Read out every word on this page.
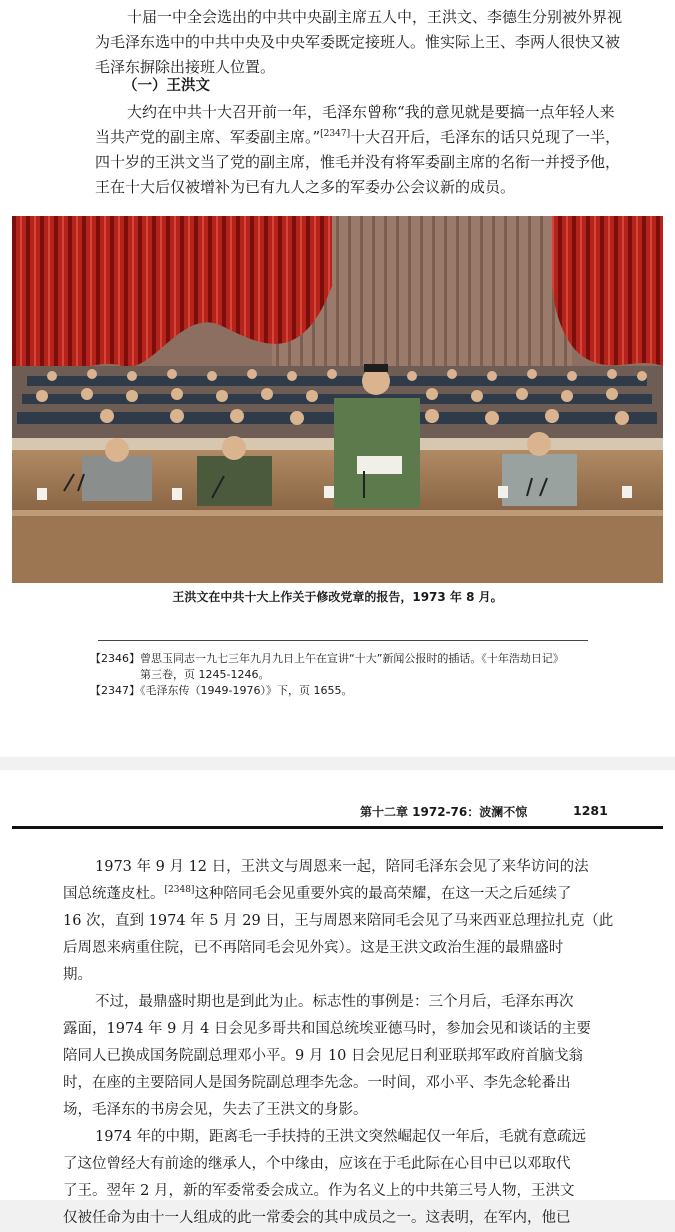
十届一中全会选出的中共中央副主席五人中，王洪文、李德生分别被外界视
为毛泽东选中的中共中央及中央军委既定接班人。惟实际上王、李两人很快又被
毛泽东摒除出接班人位置。
（一）王洪文
大约在中共十大召开前一年，毛泽东曾称“我的意见就是要搞一点年轻人来
当共产党的副主席、军委副主席。”[2347]十大召开后，毛泽东的话只兑现了一半，
四十岁的王洪文当了党的副主席，惟毛并没有将军委副主席的名衔一并授予他，
王在十大后仅被增补为已有九人之多的军委办公会议新的成员。
王洪文在中共十大上作关于修改党章的报告，1973 年 8 月。
【2346】曾思玉同志一九七三年九月九日上午在宣讲“十大”新闻公报时的插话。《十年浩劫日记》
第三卷，页 1245-1246。
【2347】《毛泽东传（1949-1976）》下，页 1655。
第十二章 1972-76：波澜不惊	1281
1973 年 9 月 12 日，王洪文与周恩来一起，陪同毛泽东会见了来华访问的法
国总统蓬皮杜。[2348]这种陪同毛会见重要外宾的最高荣耀，在这一天之后延续了
16 次，直到 1974 年 5 月 29 日，王与周恩来陪同毛会见了马来西亚总理拉扎克（此
后周恩来病重住院，已不再陪同毛会见外宾）。这是王洪文政治生涯的最鼎盛时
期。
不过，最鼎盛时期也是到此为止。标志性的事例是：三个月后，毛泽东再次
露面，1974 年 9 月 4 日会见多哥共和国总统埃亚德马时，参加会见和谈话的主要
陪同人已换成国务院副总理邓小平。9 月 10 日会见尼日利亚联邦军政府首脑戈翁
时，在座的主要陪同人是国务院副总理李先念。一时间，邓小平、李先念轮番出
场，毛泽东的书房会见，失去了王洪文的身影。
1974 年的中期，距离毛一手扶持的王洪文突然崛起仅一年后，毛就有意疏远
了这位曾经大有前途的继承人，个中缘由，应该在于毛此际在心目中已以邓取代
了王。翌年 2 月，新的军委常委会成立。作为名义上的中共第三号人物，王洪文
仅被任命为由十一人组成的此一常委会的其中成员之一。这表明，在军内，他已
